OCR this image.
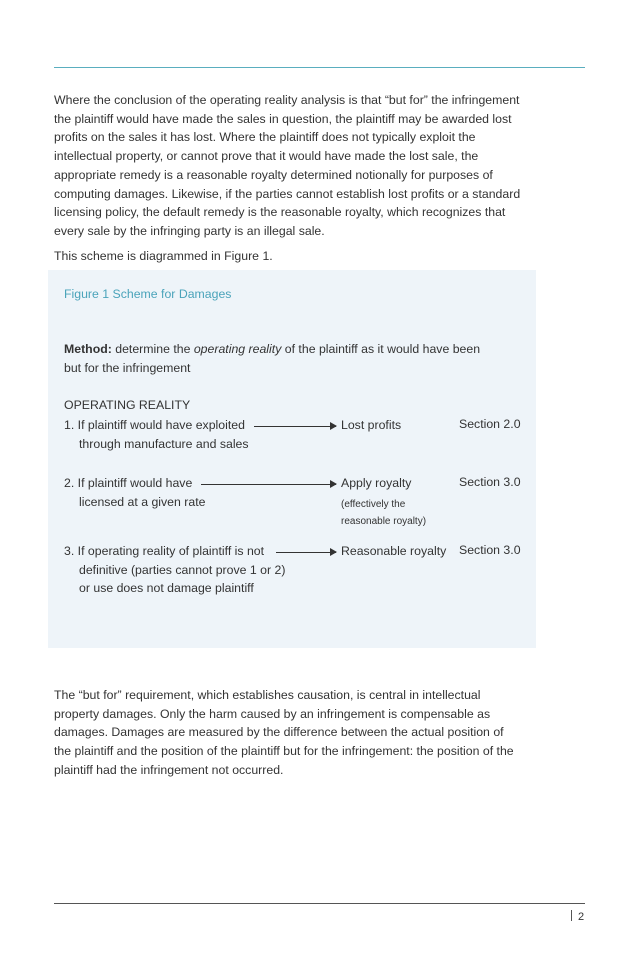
Where the conclusion of the operating reality analysis is that “but for” the infringement the plaintiff would have made the sales in question, the plaintiff may be awarded lost profits on the sales it has lost. Where the plaintiff does not typically exploit the intellectual property, or cannot prove that it would have made the lost sale, the appropriate remedy is a reasonable royalty determined notionally for purposes of computing damages. Likewise, if the parties cannot establish lost profits or a standard licensing policy, the default remedy is the reasonable royalty, which recognizes that every sale by the infringing party is an illegal sale.

This scheme is diagrammed in Figure 1.

Figure 1 Scheme for Damages
Method: determine the operating reality of the plaintiff as it would have been but for the infringement
OPERATING REALITY
1. If plaintiff would have exploited
through manufacture and sales
Lost profits	Section 2.0
2. If plaintiff would have
licensed at a given rate
Apply royalty
(effectively the reasonable royalty)
Section 3.0
3. If operating reality of plaintiff is not
definitive (parties cannot prove 1 or 2)
or use does not damage plaintiff
Reasonable royalty Section 3.0

The “but for” requirement, which establishes causation, is central in intellectual property damages. Only the harm caused by an infringement is compensable as damages. Damages are measured by the difference between the actual position of the plaintiff and the position of the plaintiff but for the infringement: the position of the plaintiff had the infringement not occurred.

2
